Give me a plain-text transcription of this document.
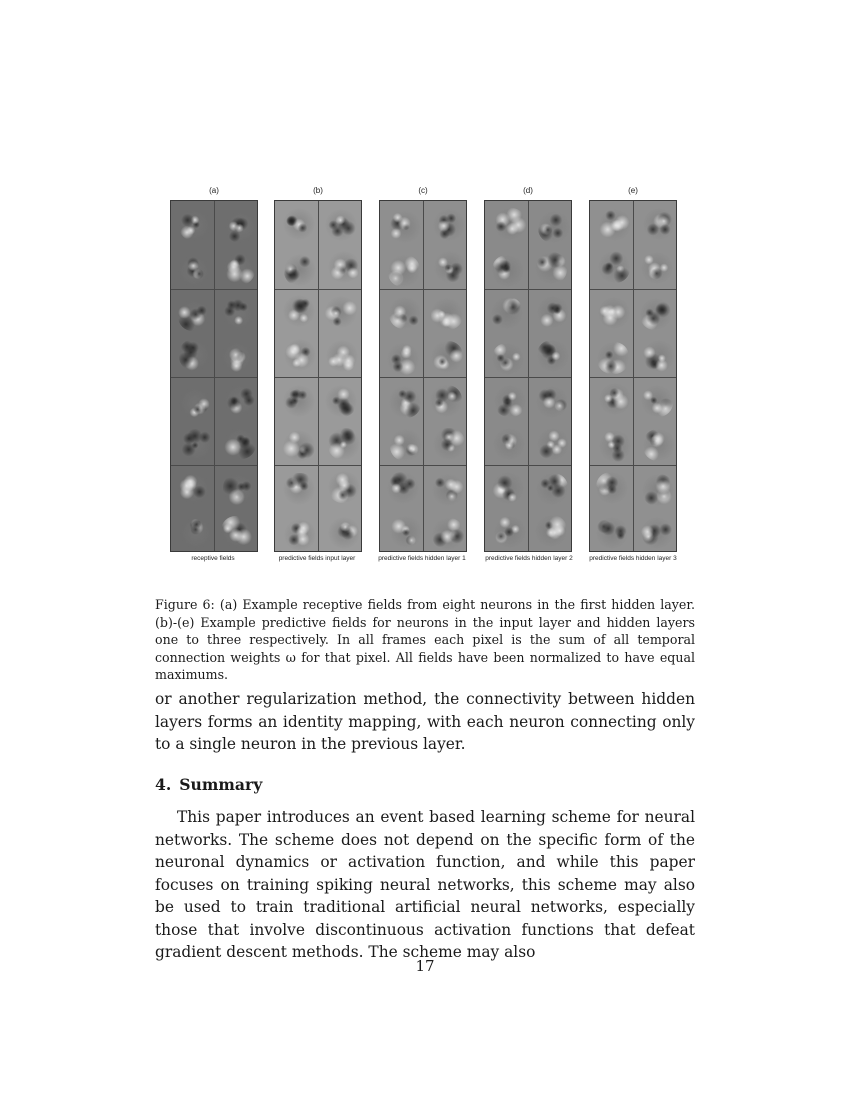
(a)
receptive fields
(b)
predictive fields input layer
(c)
predictive fields hidden layer 1
(d)
predictive fields hidden layer 2
(e)
predictive fields hidden layer 3
Figure 6: (a) Example receptive fields from eight neurons in the first hidden layer. (b)-(e) Example predictive fields for neurons in the input layer and hidden layers one to three respectively. In all frames each pixel is the sum of all temporal connection weights ω for that pixel. All fields have been normalized to have equal maximums.

or another regularization method, the connectivity between hidden layers forms an identity mapping, with each neuron connecting only to a single neuron in the previous layer.

4. Summary

This paper introduces an event based learning scheme for neural networks. The scheme does not depend on the specific form of the neuronal dynamics or activation function, and while this paper focuses on training spiking neural networks, this scheme may also be used to train traditional artificial neural networks, especially those that involve discontinuous activation functions that defeat gradient descent methods. The scheme may also

17
